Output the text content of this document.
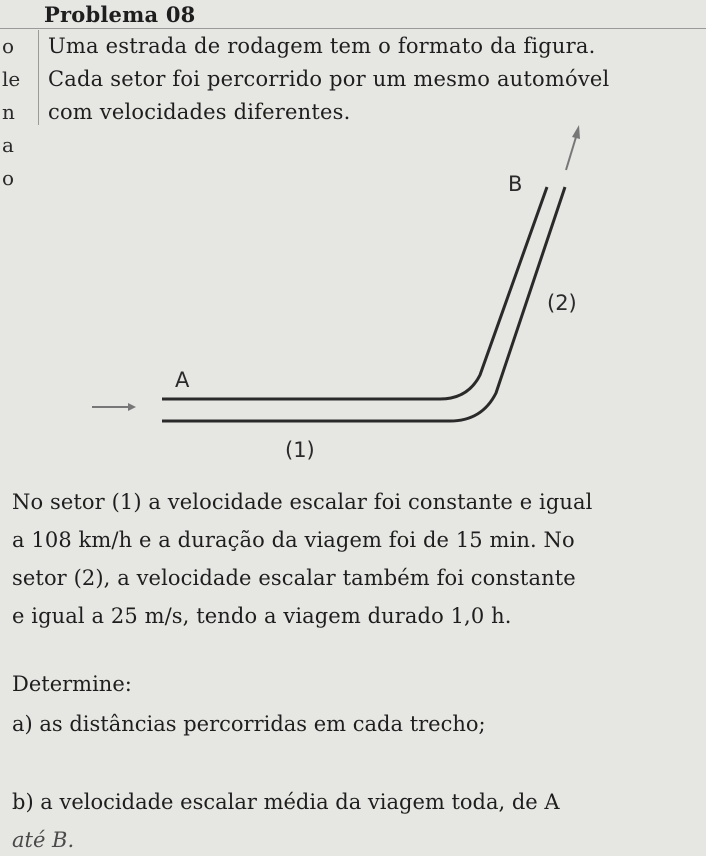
o
le
n
a
o
Problema 08
Uma estrada de rodagem tem o formato da figura.
Cada setor foi percorrido por um mesmo automóvel
com velocidades diferentes.
A
B
(1)
(2)
No setor (1) a velocidade escalar foi constante e igual
a 108 km/h e a duração da viagem foi de 15 min. No
setor (2), a velocidade escalar também foi constante
e igual a 25 m/s, tendo a viagem durado 1,0 h.
Determine:
a) as distâncias percorridas em cada trecho;
b) a velocidade escalar média da viagem toda, de A
até B.
